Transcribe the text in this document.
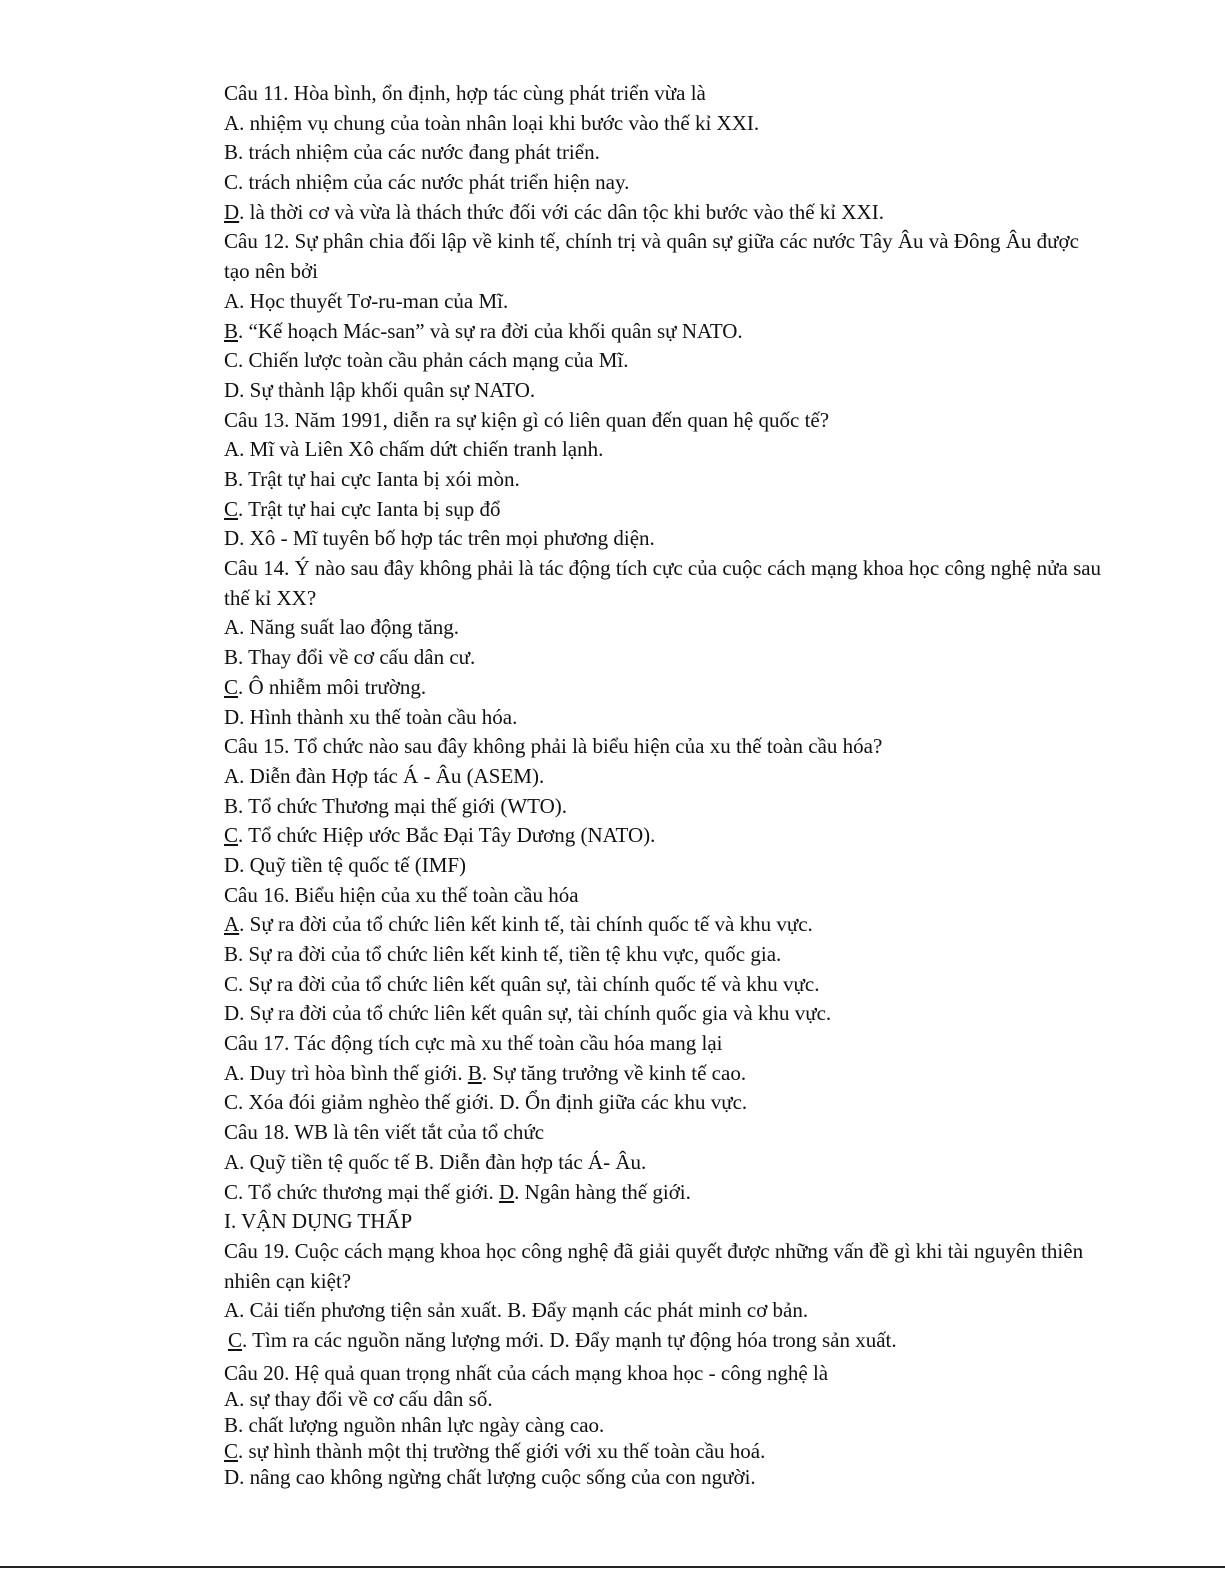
Câu 11. Hòa bình, ổn định, hợp tác cùng phát triển vừa là
A. nhiệm vụ chung của toàn nhân loại khi bước vào thế kỉ XXI.
B. trách nhiệm của các nước đang phát triển.
C. trách nhiệm của các nước phát triển hiện nay.
D. là thời cơ và vừa là thách thức đối với các dân tộc khi bước vào thế kỉ XXI.
Câu 12. Sự phân chia đối lập về kinh tế, chính trị và quân sự giữa các nước Tây Âu và Đông Âu được tạo nên bởi
A. Học thuyết Tơ-ru-man của Mĩ.
B. “Kế hoạch Mác-san” và sự ra đời của khối quân sự NATO.
C. Chiến lược toàn cầu phản cách mạng của Mĩ.
D. Sự thành lập khối quân sự NATO.
Câu 13. Năm 1991, diễn ra sự kiện gì có liên quan đến quan hệ quốc tế?
A. Mĩ và Liên Xô chấm dứt chiến tranh lạnh.
B. Trật tự hai cực Ianta bị xói mòn.
C. Trật tự hai cực Ianta bị sụp đổ
D. Xô - Mĩ tuyên bố hợp tác trên mọi phương diện.
Câu 14. Ý nào sau đây không phải là tác động tích cực của cuộc cách mạng khoa học công nghệ nửa sau thế kỉ XX?
A. Năng suất lao động tăng.
B. Thay đổi về cơ cấu dân cư.
C. Ô nhiễm môi trường.
D. Hình thành xu thế toàn cầu hóa.
Câu 15. Tổ chức nào sau đây không phải là biểu hiện của xu thế toàn cầu hóa?
A. Diễn đàn Hợp tác Á - Âu (ASEM).
B. Tổ chức Thương mại thế giới (WTO).
C. Tổ chức Hiệp ước Bắc Đại Tây Dương (NATO).
D. Quỹ tiền tệ quốc tế (IMF)
Câu 16. Biểu hiện của xu thế toàn cầu hóa
A. Sự ra đời của tổ chức liên kết kinh tế, tài chính quốc tế và khu vực.
B. Sự ra đời của tổ chức liên kết kinh tế, tiền tệ khu vực, quốc gia.
C. Sự ra đời của tổ chức liên kết quân sự, tài chính quốc tế và khu vực.
D. Sự ra đời của tổ chức liên kết quân sự, tài chính quốc gia và khu vực.
Câu 17. Tác động tích cực mà xu thế toàn cầu hóa mang lại
A. Duy trì hòa bình thế giới. B. Sự tăng trưởng về kinh tế cao.
C. Xóa đói giảm nghèo thế giới. D. Ổn định giữa các khu vực.
Câu 18. WB là tên viết tắt của tổ chức
A. Quỹ tiền tệ quốc tế B. Diễn đàn hợp tác Á- Âu.
C. Tổ chức thương mại thế giới. D. Ngân hàng thế giới.
I. VẬN DỤNG THẤP
Câu 19. Cuộc cách mạng khoa học công nghệ đã giải quyết được những vấn đề gì khi tài nguyên thiên nhiên cạn kiệt?
A. Cải tiến phương tiện sản xuất. B. Đẩy mạnh các phát minh cơ bản.
C. Tìm ra các nguồn năng lượng mới. D. Đẩy mạnh tự động hóa trong sản xuất.
Câu 20. Hệ quả quan trọng nhất của cách mạng khoa học - công nghệ là
A. sự thay đổi về cơ cấu dân số.
B. chất lượng nguồn nhân lực ngày càng cao.
C. sự hình thành một thị trường thế giới với xu thế toàn cầu hoá.
D. nâng cao không ngừng chất lượng cuộc sống của con người.
